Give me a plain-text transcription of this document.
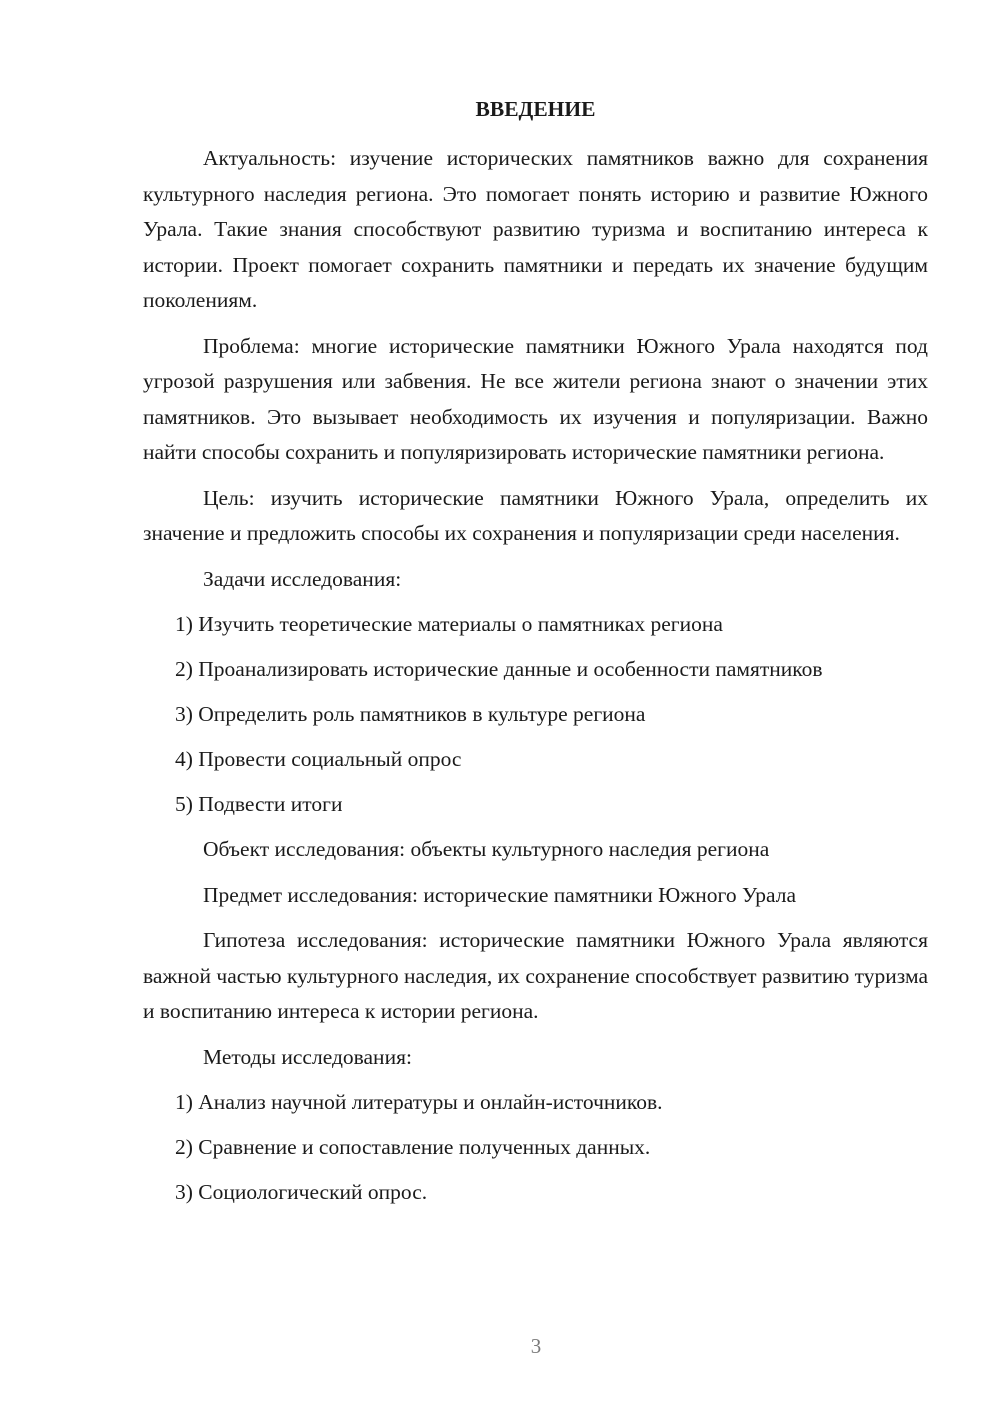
ВВЕДЕНИЕ

Актуальность: изучение исторических памятников важно для сохранения культурного наследия региона. Это помогает понять историю и развитие Южного Урала. Такие знания способствуют развитию туризма и воспитанию интереса к истории. Проект помогает сохранить памятники и передать их значение будущим поколениям.

Проблема: многие исторические памятники Южного Урала находятся под угрозой разрушения или забвения. Не все жители региона знают о значении этих памятников. Это вызывает необходимость их изучения и популяризации. Важно найти способы сохранить и популяризировать исторические памятники региона.

Цель: изучить исторические памятники Южного Урала, определить их значение и предложить способы их сохранения и популяризации среди населения.

Задачи исследования:

1) Изучить теоретические материалы о памятниках региона
2) Проанализировать исторические данные и особенности памятников
3) Определить роль памятников в культуре региона
4) Провести социальный опрос
5) Подвести итоги

Объект исследования: объекты культурного наследия региона

Предмет исследования: исторические памятники Южного Урала

Гипотеза исследования: исторические памятники Южного Урала являются важной частью культурного наследия, их сохранение способствует развитию туризма и воспитанию интереса к истории региона.

Методы исследования:

1) Анализ научной литературы и онлайн-источников.
2) Сравнение и сопоставление полученных данных.
3) Социологический опрос.
3
